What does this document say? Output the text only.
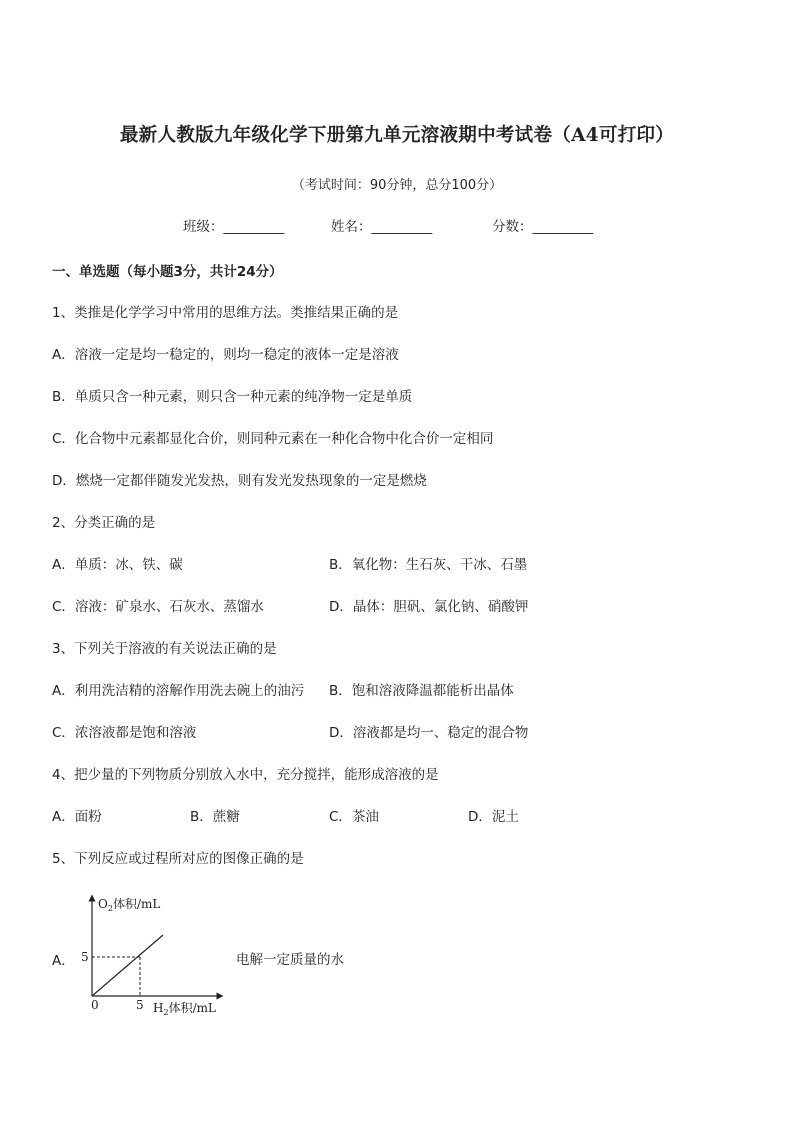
最新人教版九年级化学下册第九单元溶液期中考试卷（A4可打印）
（考试时间：90分钟，总分100分）
班级：_________	姓名：_________	分数：_________
一、单选题（每小题3分，共计24分）
1、类推是化学学习中常用的思维方法。类推结果正确的是
A．溶液一定是均一稳定的，则均一稳定的液体一定是溶液
B．单质只含一种元素，则只含一种元素的纯净物一定是单质
C．化合物中元素都显化合价，则同种元素在一种化合物中化合价一定相同
D．燃烧一定都伴随发光发热，则有发光发热现象的一定是燃烧
2、分类正确的是
A．单质：冰、铁、碳	B．氧化物：生石灰、干冰、石墨
C．溶液：矿泉水、石灰水、蒸馏水	D．晶体：胆矾、氯化钠、硝酸钾
3、下列关于溶液的有关说法正确的是
A．利用洗洁精的溶解作用洗去碗上的油污 B．饱和溶液降温都能析出晶体
C．浓溶液都是饱和溶液	D．溶液都是均一、稳定的混合物
4、把少量的下列物质分别放入水中，充分搅拌，能形成溶液的是
A．面粉	B．蔗糖	C．茶油	D．泥土
5、下列反应或过程所对应的图像正确的是
A．	电解一定质量的水
$O_2$体积/mL
$H_2$体积/mL
0	5
5
